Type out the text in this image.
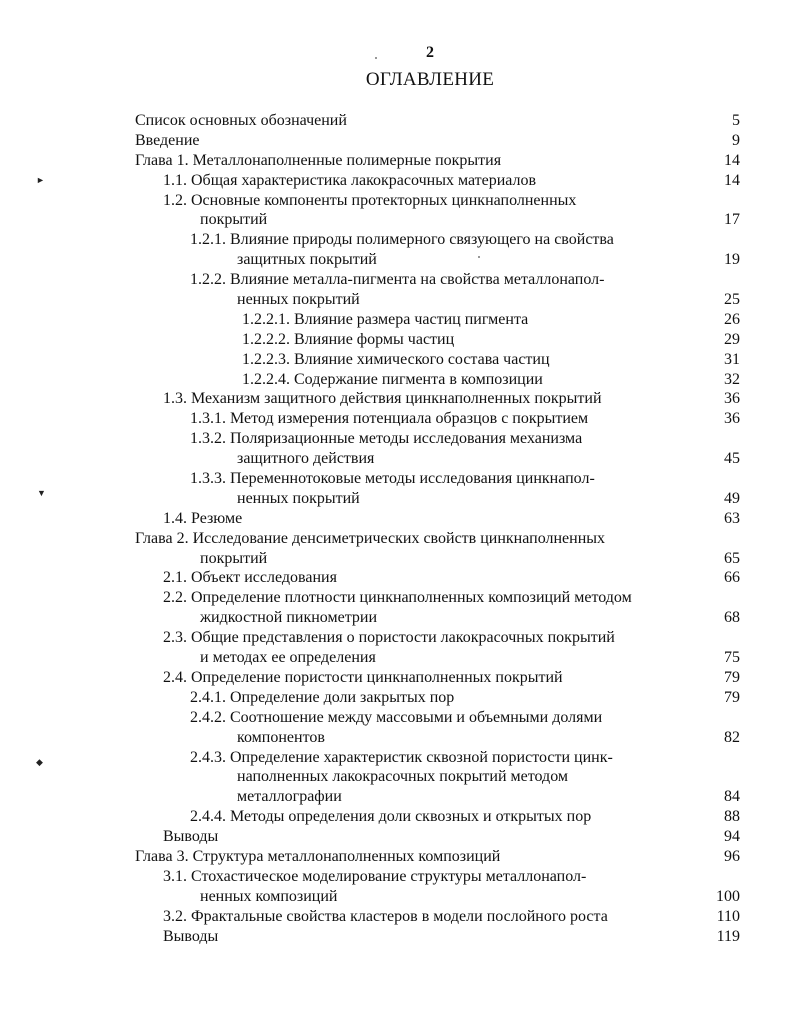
2
ОГЛАВЛЕНИЕ
Список основных обозначений	5
Введение	9
Глава 1. Металлонаполненные полимерные покрытия	14
1.1. Общая характеристика лакокрасочных материалов	14
1.2. Основные компоненты протекторных цинкнаполненных
покрытий	17
1.2.1. Влияние природы полимерного связующего на свойства
защитных покрытий	19
1.2.2. Влияние металла-пигмента на свойства металлонапол-
ненных покрытий	25
1.2.2.1. Влияние размера частиц пигмента	26
1.2.2.2. Влияние формы частиц	29
1.2.2.3. Влияние химического состава частиц	31
1.2.2.4. Содержание пигмента в композиции	32
1.3. Механизм защитного действия цинкнаполненных покрытий	36
1.3.1. Метод измерения потенциала образцов с покрытием	36
1.3.2. Поляризационные методы исследования механизма
защитного действия	45
1.3.3. Переменнотоковые методы исследования цинкнапол-
ненных покрытий	49
1.4. Резюме	63
Глава 2. Исследование денсиметрических свойств цинкнаполненных
покрытий	65
2.1. Объект исследования	66
2.2. Определение плотности цинкнаполненных композиций методом
жидкостной пикнометрии	68
2.3. Общие представления о пористости лакокрасочных покрытий
и методах ее определения	75
2.4. Определение пористости цинкнаполненных покрытий	79
2.4.1. Определение доли закрытых пор	79
2.4.2. Соотношение между массовыми и объемными долями
компонентов	82
2.4.3. Определение характеристик сквозной пористости цинк-
наполненных лакокрасочных покрытий методом
металлографии	84
2.4.4. Методы определения доли сквозных и открытых пор	88
Выводы	94
Глава 3. Структура металлонаполненных композиций	96
3.1. Стохастическое моделирование структуры металлонапол-
ненных композиций	100
3.2. Фрактальные свойства кластеров в модели послойного роста	110
Выводы	119
►
▼
◆
